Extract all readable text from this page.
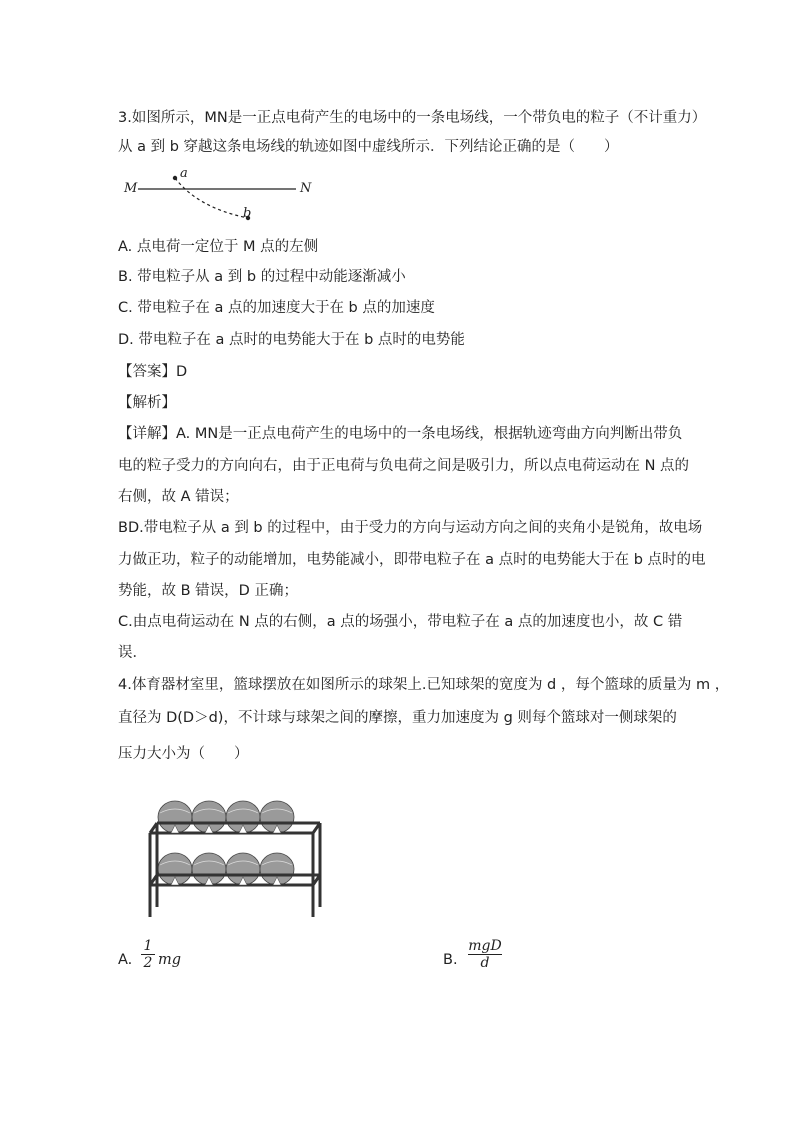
3.如图所示，MN是一正点电荷产生的电场中的一条电场线，一个带负电的粒子（不计重力）
从 a 到 b 穿越这条电场线的轨迹如图中虚线所示．下列结论正确的是（　　）
M	N
a
b
A. 点电荷一定位于 M 点的左侧
B. 带电粒子从 a 到 b 的过程中动能逐渐减小
C. 带电粒子在 a 点的加速度大于在 b 点的加速度
D. 带电粒子在 a 点时的电势能大于在 b 点时的电势能
【答案】D
【解析】
【详解】A. MN是一正点电荷产生的电场中的一条电场线，根据轨迹弯曲方向判断出带负
电的粒子受力的方向向右，由于正电荷与负电荷之间是吸引力，所以点电荷运动在 N 点的
右侧，故 A 错误；
BD.带电粒子从 a 到 b 的过程中，由于受力的方向与运动方向之间的夹角小是锐角，故电场
力做正功，粒子的动能增加，电势能减小，即带电粒子在 a 点时的电势能大于在 b 点时的电
势能，故 B 错误，D 正确；
C.由点电荷运动在 N 点的右侧，a 点的场强小，带电粒子在 a 点的加速度也小，故 C 错
误．
4.体育器材室里，篮球摆放在如图所示的球架上.已知球架的宽度为 d ，每个篮球的质量为 m ，
直径为 D(D＞d)，不计球与球架之间的摩擦，重力加速度为 g 则每个篮球对一侧球架的
压力大小为（　　）
A. $\frac{1}{2}$ mg	B.
mgD
d
